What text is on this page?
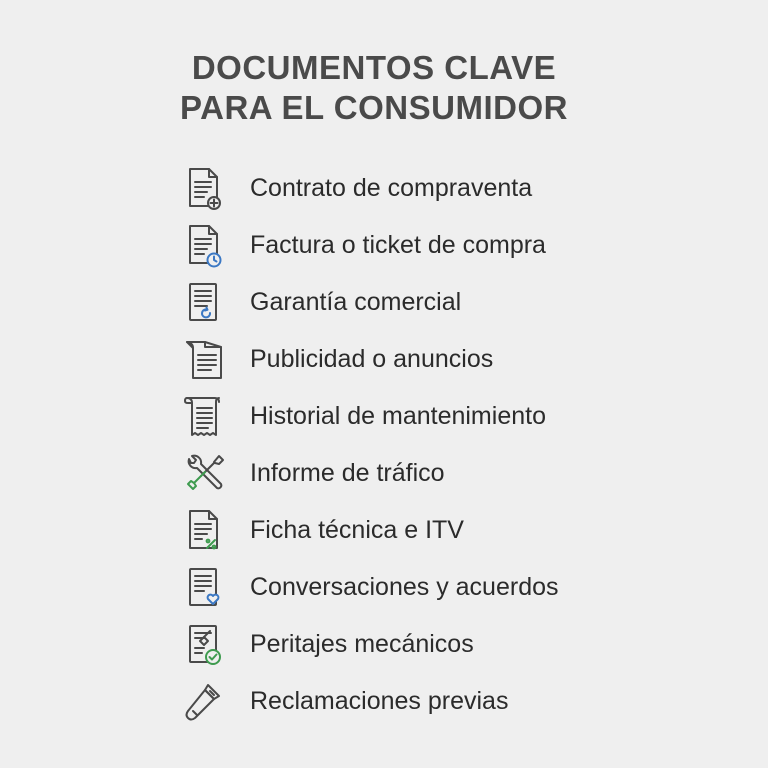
DOCUMENTOS CLAVE
PARA EL CONSUMIDOR
Contrato de compraventa
Factura o ticket de compra
Garantía comercial
Publicidad o anuncios
Historial de mantenimiento
Informe de tráfico
Ficha técnica e ITV
Conversaciones y acuerdos
Peritajes mecánicos
Reclamaciones previas
